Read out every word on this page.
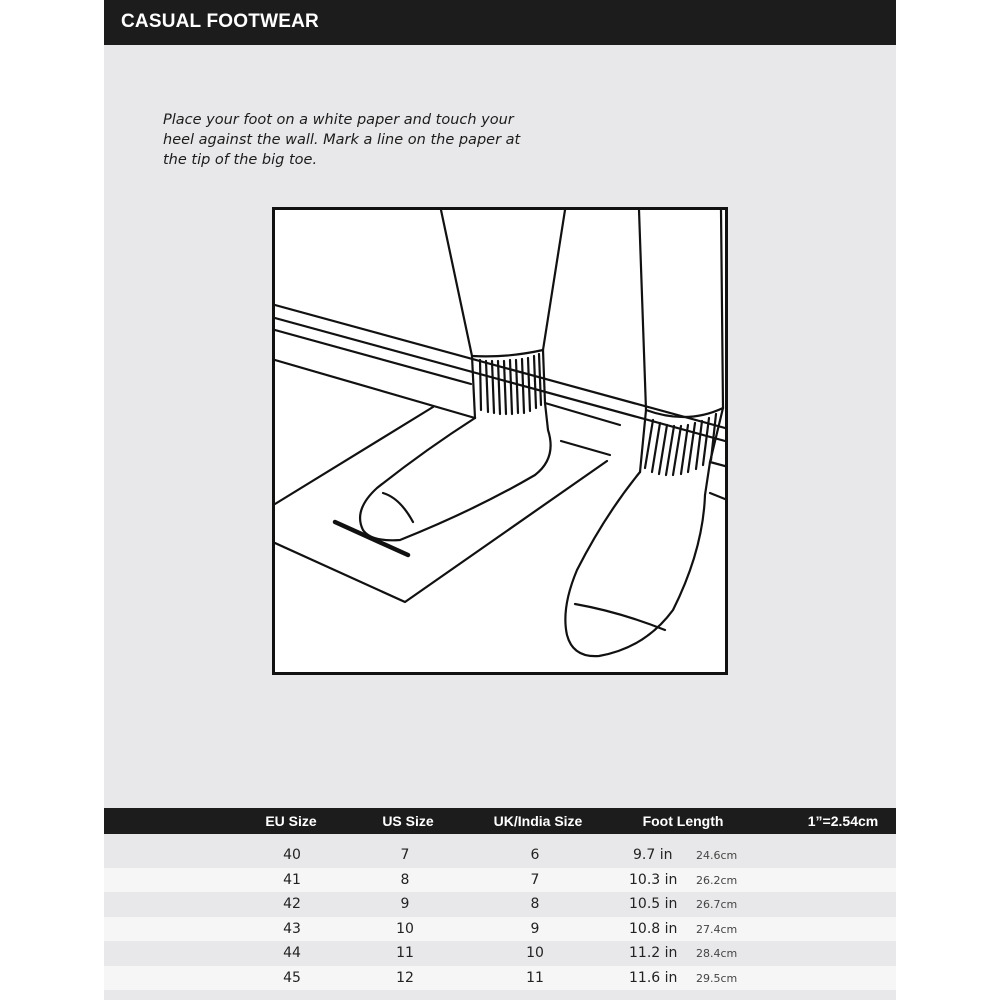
CASUAL FOOTWEAR

Place your foot on a white paper and touch your heel against the wall. Mark a line on the paper at the tip of the big toe.

EU Size	US Size	UK/India Size	Foot Length	1”=2.54cm
40	7	6	9.7 in 24.6cm
41	8	7	10.3 in 26.2cm
42	9	8	10.5 in 26.7cm
43	10	9	10.8 in 27.4cm
44	11	10	11.2 in 28.4cm
45	12	11	11.6 in 29.5cm
